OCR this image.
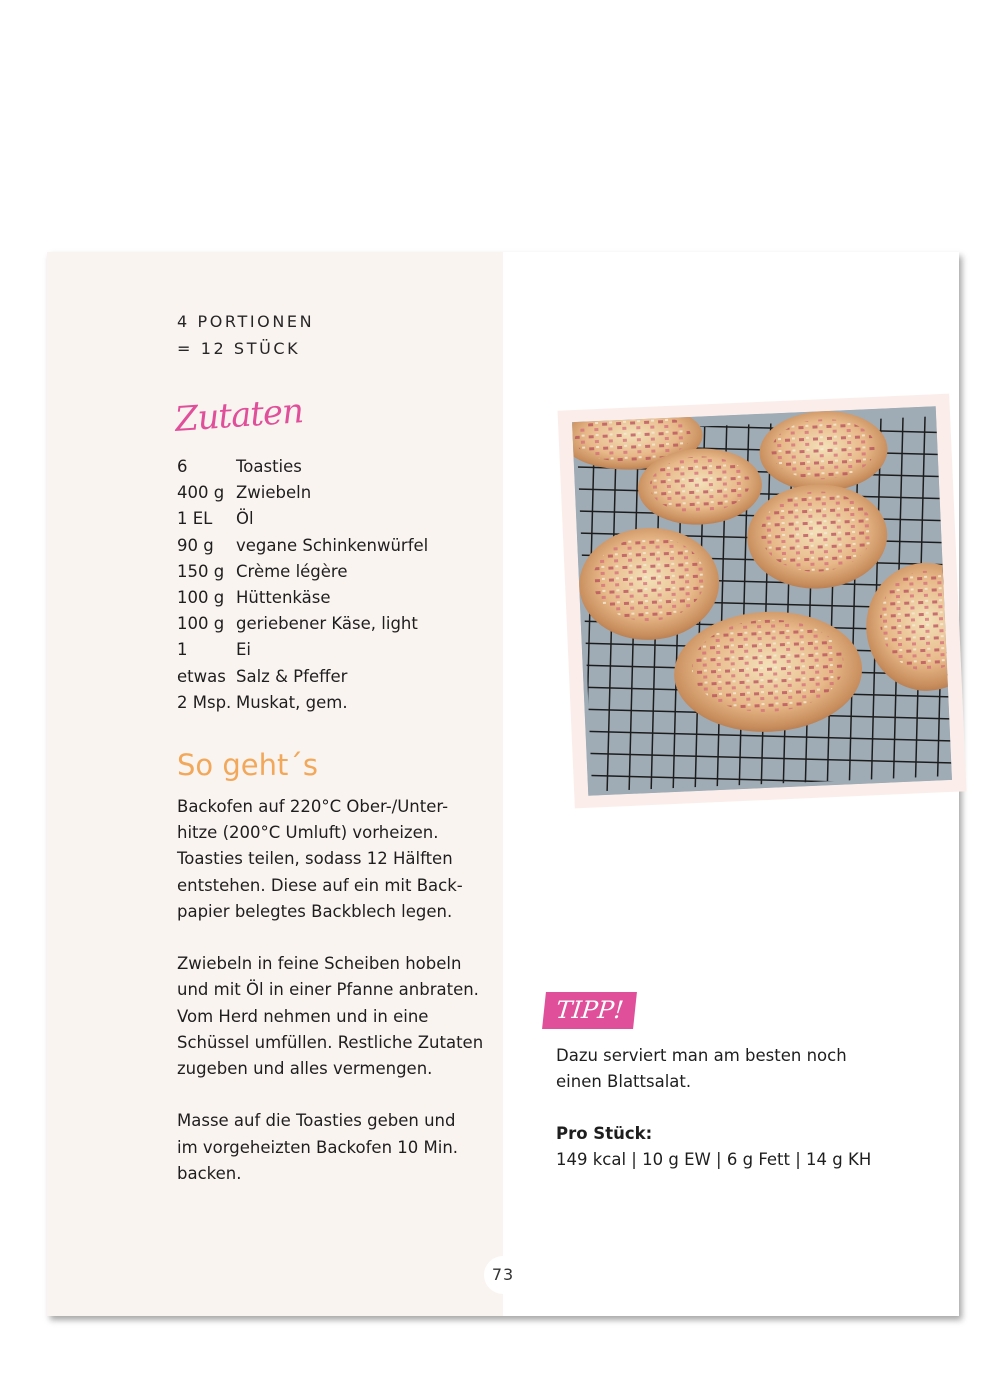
4 PORTIONEN
= 12 STÜCK
Zutaten
6	Toasties
400 g Zwiebeln
1 EL	Öl
90 g	vegane Schinkenwürfel
150 g Crème légère
100 g Hüttenkäse
100 g geriebener Käse, light
1	Ei
etwas Salz & Pfeffer
2 Msp. Muskat, gem.
So geht´s

Backofen auf 220°C Ober-/Unter-
hitze (200°C Umluft) vorheizen.
Toasties teilen, sodass 12 Hälften
entstehen. Diese auf ein mit Back-
papier belegtes Backblech legen.

Zwiebeln in feine Scheiben hobeln
und mit Öl in einer Pfanne anbraten.
Vom Herd nehmen und in eine
Schüssel umfüllen. Restliche Zutaten
zugeben und alles vermengen.

Masse auf die Toasties geben und
im vorgeheizten Backofen 10 Min.
backen.

TIPP!
Dazu serviert man am besten noch einen Blattsalat.
Pro Stück:
149 kcal | 10 g EW | 6 g Fett | 14 g KH
73
